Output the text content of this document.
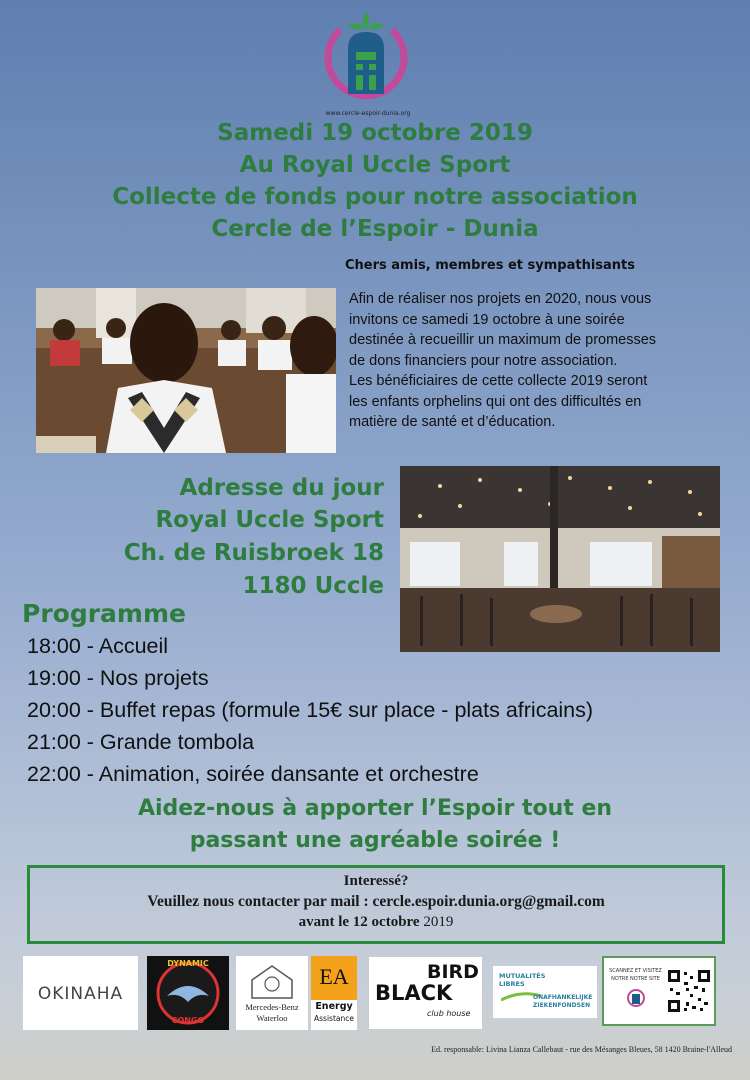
www.cercle-espoir-dunia.org
Samedi 19 octobre 2019
Au Royal Uccle Sport
Collecte de fonds pour notre association
Cercle de l’Espoir - Dunia
Chers amis, membres et sympathisants
Afin de réaliser nos projets en 2020, nous vous
invitons ce samedi 19 octobre à une soirée
destinée à recueillir un maximum de promesses
de dons financiers pour notre association.
Les bénéficiaires de cette collecte 2019 seront
les enfants orphelins qui ont des difficultés en
matière de santé et d’éducation.
Adresse du jour
Royal Uccle Sport
Ch. de Ruisbroek 18
1180 Uccle
Programme
18:00 - Accueil
19:00 - Nos projets
20:00 - Buffet repas (formule 15€ sur place - plats africains)
21:00 - Grande tombola
22:00 - Animation, soirée dansante et orchestre
Aidez-nous à apporter l’Espoir tout en
passant une agréable soirée !
Interessé?
Veuillez nous contacter par mail : cercle.espoir.dunia.org@gmail.com
avant le 12 octobre 2019
OKINAHA
DYNAMIC
CONGO
Mercedes-Benz
Waterloo
EA
Energy
Assistance
BIRD
BLACK
club house
MUTUALITÉS
LIBRES
ONAFHANKELIJKE
ZIEKENFONDSEN
SCANNEZ ET VISITEZ
NOTRE NOTRE SITE
Ed. responsable: Livina Lianza Callebaut - rue des Mésanges Bleues, 58 1420 Braine-l'Alleud
